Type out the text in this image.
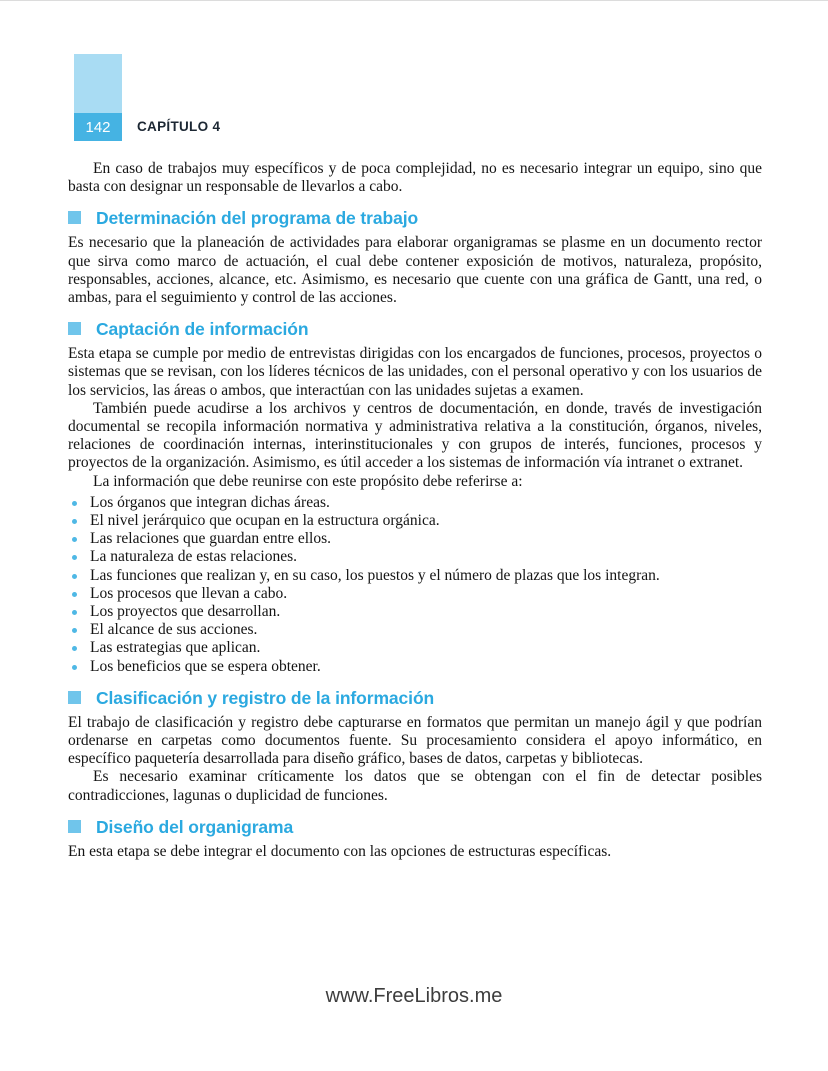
142 CAPÍTULO 4

En caso de trabajos muy específicos y de poca complejidad, no es necesario integrar un equipo, sino que basta con designar un responsable de llevarlos a cabo.

Determinación del programa de trabajo

Es necesario que la planeación de actividades para elaborar organigramas se plasme en un documento rector que sirva como marco de actuación, el cual debe contener exposición de motivos, naturaleza, propósito, responsables, acciones, alcance, etc. Asimismo, es necesario que cuente con una gráfica de Gantt, una red, o ambas, para el seguimiento y control de las acciones.

Captación de información

Esta etapa se cumple por medio de entrevistas dirigidas con los encargados de funciones, procesos, proyectos o sistemas que se revisan, con los líderes técnicos de las unidades, con el personal operativo y con los usuarios de los servicios, las áreas o ambos, que interactúan con las unidades sujetas a examen.

También puede acudirse a los archivos y centros de documentación, en donde, través de investigación documental se recopila información normativa y administrativa relativa a la constitución, órganos, niveles, relaciones de coordinación internas, interinstitucionales y con grupos de interés, funciones, procesos y proyectos de la organización. Asimismo, es útil acceder a los sistemas de información vía intranet o extranet.

La información que debe reunirse con este propósito debe referirse a:

Los órganos que integran dichas áreas.
El nivel jerárquico que ocupan en la estructura orgánica.
Las relaciones que guardan entre ellos.
La naturaleza de estas relaciones.
Las funciones que realizan y, en su caso, los puestos y el número de plazas que los integran.
Los procesos que llevan a cabo.
Los proyectos que desarrollan.
El alcance de sus acciones.
Las estrategias que aplican.
Los beneficios que se espera obtener.
Clasificación y registro de la información

El trabajo de clasificación y registro debe capturarse en formatos que permitan un manejo ágil y que podrían ordenarse en carpetas como documentos fuente. Su procesamiento considera el apoyo informático, en específico paquetería desarrollada para diseño gráfico, bases de datos, carpetas y bibliotecas.

Es necesario examinar críticamente los datos que se obtengan con el fin de detectar posibles contradicciones, lagunas o duplicidad de funciones.

Diseño del organigrama

En esta etapa se debe integrar el documento con las opciones de estructuras específicas.

www.FreeLibros.me
